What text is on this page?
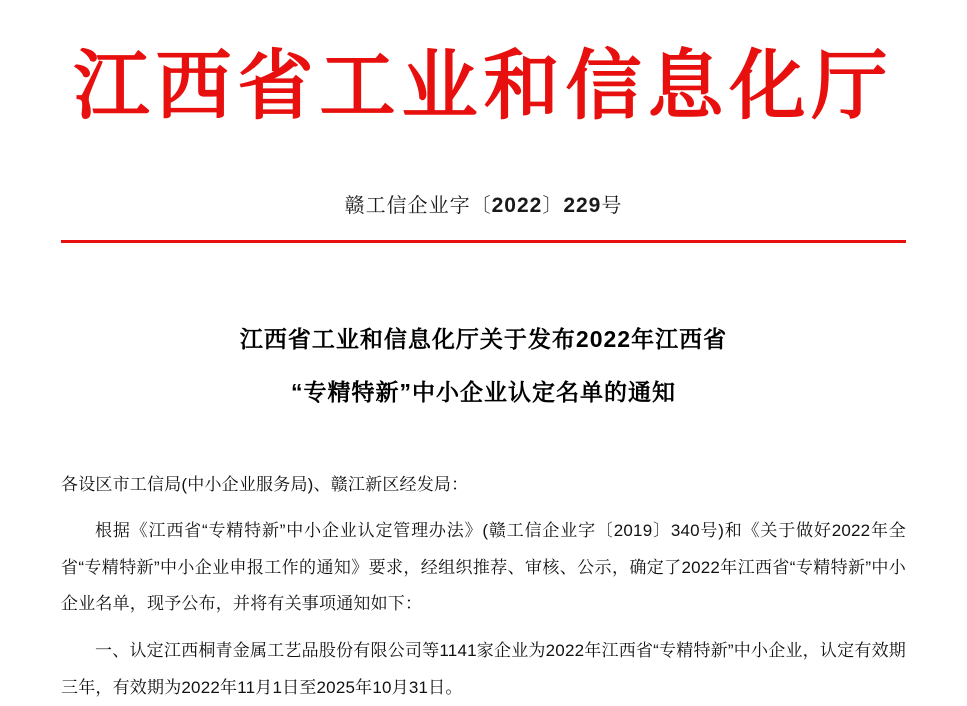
江西省工业和信息化厅
赣工信企业字〔2022〕229号
江西省工业和信息化厅关于发布2022年江西省
“专精特新”中小企业认定名单的通知
各设区市工信局(中小企业服务局)、赣江新区经发局：

根据《江西省“专精特新”中小企业认定管理办法》(赣工信企业字〔2019〕340号)和《关于做好2022年全省“专精特新”中小企业申报工作的通知》要求，经组织推荐、审核、公示，确定了2022年江西省“专精特新”中小企业名单，现予公布，并将有关事项通知如下：

一、认定江西桐青金属工艺品股份有限公司等1141家企业为2022年江西省“专精特新”中小企业，认定有效期三年，有效期为2022年11月1日至2025年10月31日。
